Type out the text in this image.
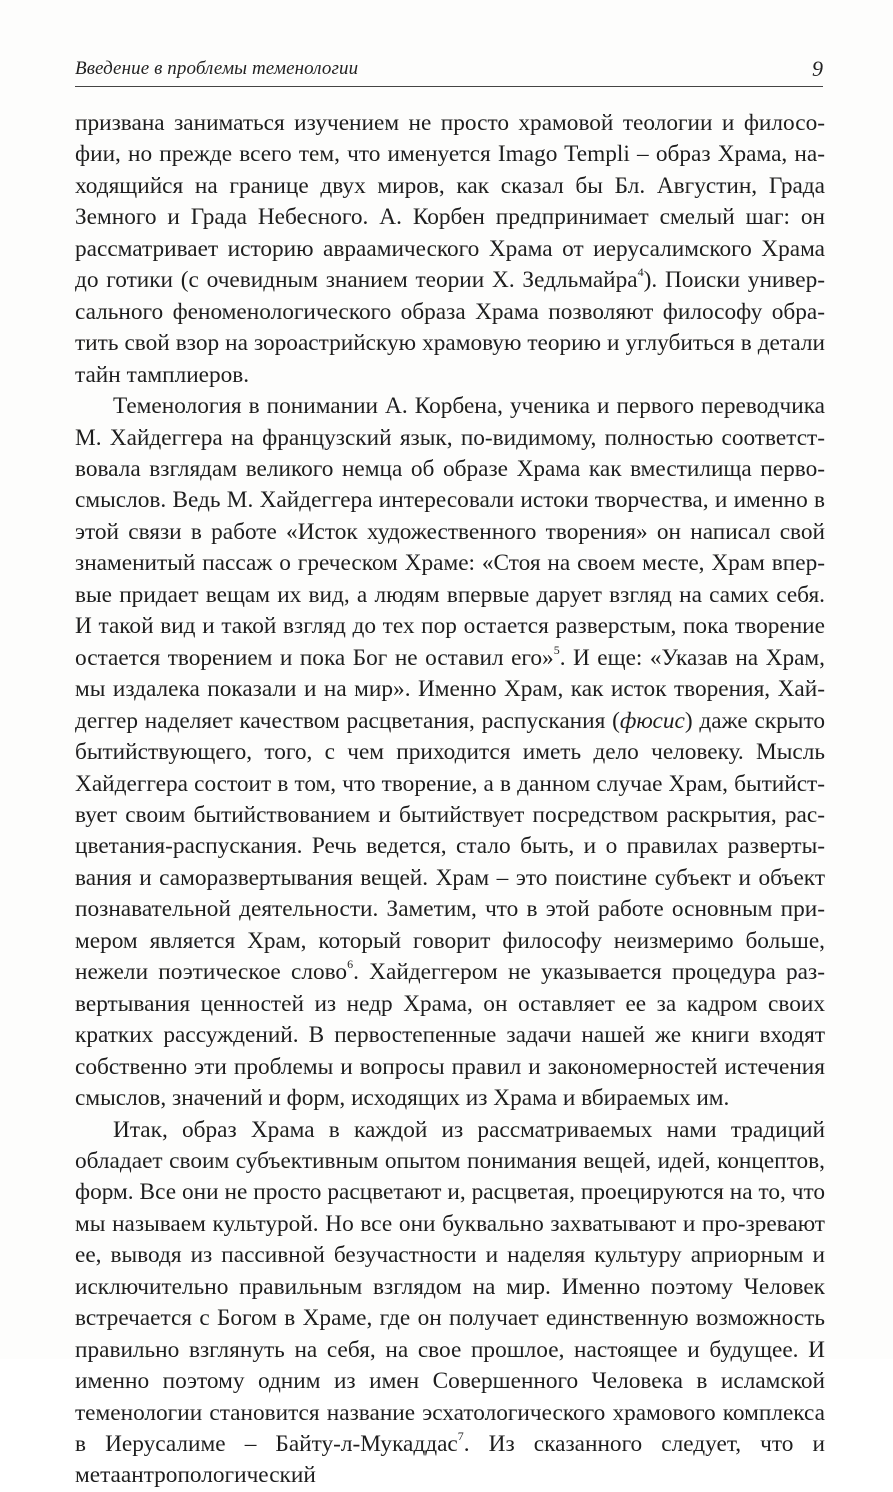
Введение в проблемы теменологии	9

призвана заниматься изучением не просто храмовой теологии и философии, но прежде всего тем, что именуется Imago Templi – образ Храма, находящийся на границе двух миров, как сказал бы Бл. Августин, Града Земного и Града Небесного. А. Корбен предпринимает смелый шаг: он рассматривает историю авраамического Храма от иерусалимского Храма до готики (с очевидным знанием теории Х. Зедльмайра$^4$). Поиски универсального феноменологического образа Храма позволяют философу обратить свой взор на зороастрийскую храмовую теорию и углубиться в детали тайн тамплиеров.

Теменология в понимании А. Корбена, ученика и первого переводчика М. Хайдеггера на французский язык, по-видимому, полностью соответствовала взглядам великого немца об образе Храма как вместилища первосмыслов. Ведь М. Хайдеггера интересовали истоки творчества, и именно в этой связи в работе «Исток художественного творения» он написал свой знаменитый пассаж о греческом Храме: «Стоя на своем месте, Храм впервые придает вещам их вид, а людям впервые дарует взгляд на самих себя. И такой вид и такой взгляд до тех пор остается разверстым, пока творение остается творением и пока Бог не оставил его»$^5$. И еще: «Указав на Храм, мы издалека показали и на мир». Именно Храм, как исток творения, Хайдеггер наделяет качеством расцветания, распускания (фюсис) даже скрыто бытийствующего, того, с чем приходится иметь дело человеку. Мысль Хайдеггера состоит в том, что творение, а в данном случае Храм, бытийствует своим бытийствованием и бытийствует посредством раскрытия, расцветания-распускания. Речь ведется, стало быть, и о правилах развертывания и саморазвертывания вещей. Храм – это поистине субъект и объект познавательной деятельности. Заметим, что в этой работе основным примером является Храм, который говорит философу неизмеримо больше, нежели поэтическое слово$^6$. Хайдеггером не указывается процедура развертывания ценностей из недр Храма, он оставляет ее за кадром своих кратких рассуждений. В первостепенные задачи нашей же книги входят собственно эти проблемы и вопросы правил и закономерностей истечения смыслов, значений и форм, исходящих из Храма и вбираемых им.

Итак, образ Храма в каждой из рассматриваемых нами традиций обладает своим субъективным опытом понимания вещей, идей, концептов, форм. Все они не просто расцветают и, расцветая, проецируются на то, что мы называем культурой. Но все они буквально захватывают и про-зревают ее, выводя из пассивной безучастности и наделяя культуру априорным и исключительно правильным взглядом на мир. Именно поэтому Человек встречается с Богом в Храме, где он получает единственную возможность правильно взглянуть на себя, на свое прошлое, настоящее и будущее. И именно поэтому одним из имен Совершенного Человека в исламской теменологии становится название эсхатологического храмового комплекса в Иерусалиме – Байту-л-Мукаддас$^7$. Из сказанного следует, что и метаантропологический
